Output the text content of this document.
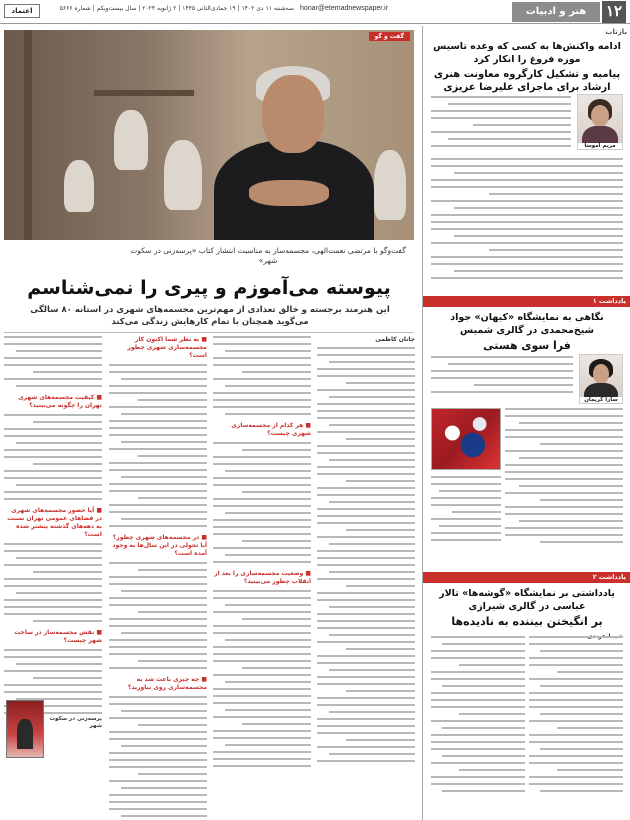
۱۲
هنر و ادبیات
honar@etemadnewspaper.ir
سه‌شنبه ۱۱ دی ۱۴۰۲ | ۱۹ جمادی‌الثانی ۱۴۴۵ | ۲ ژانویه ۲۰۲۴ | سال بیست‌ویکم | شماره ۵۶۶۶
اعتماد
بازتاب
ادامه واکنش‌ها به کسی که وعده تاسیس موزه فروغ را انکار کرد
پیامبه و تشکیل کارگروه معاونت هنری ارشاد برای ماجرای علیرضا عزیزی
مریم آموسا
یادداشت ۱
نگاهی به نمایشگاه «کیهان» جواد شیخ‌محمدی در گالری شمیس
فرا سوی هستی
سارا کریمان
یادداشت ۲
یادداشتی بر نمایشگاه «گوشه‌ها» تالار عباسی در گالری شیرازی
بر انگیختن بیننده به نادیده‌ها
گفت و گو
گفت‌وگو با مرتضی نعمت‌الهی، مجسمه‌ساز به مناسبت انتشار کتاب «پرسه‌زنی در سکوت شهر»
پیوسته می‌آموزم و پیری را نمی‌شناسم
این هنرمند برجسته و خالق تعدادی از مهم‌ترین مجسمه‌های شهری در استانه ۸۰ سالگی می‌گوید همچنان با تمام کارهایش زندگی می‌کند
جانان کاظمی
■ هر کدام از مجسمه‌سازی شهری چیست؟
■ وضعیت مجسمه‌سازی را بعد از انقلاب چطور می‌بینید؟
■ به نظر شما اکنون کار مجسمه‌سازی شهری چطور است؟
■ در مجسمه‌های شهری چطور؟ آیا تحولی در این سال‌ها به وجود آمده است؟
■ چه چیزی باعث شد به مجسمه‌سازی روی بیاورید؟
■ کیفیت مجسمه‌های شهری تهران را چگونه می‌بینید؟
■ آیا حضور مجسمه‌های شهری در فضاهای عمومی تهران نسبت به دهه‌های گذشته بیشتر شده است؟
■ نقش مجسمه‌ساز در ساخت شهر چیست؟
پرسه‌زنی در سکوت شهر
